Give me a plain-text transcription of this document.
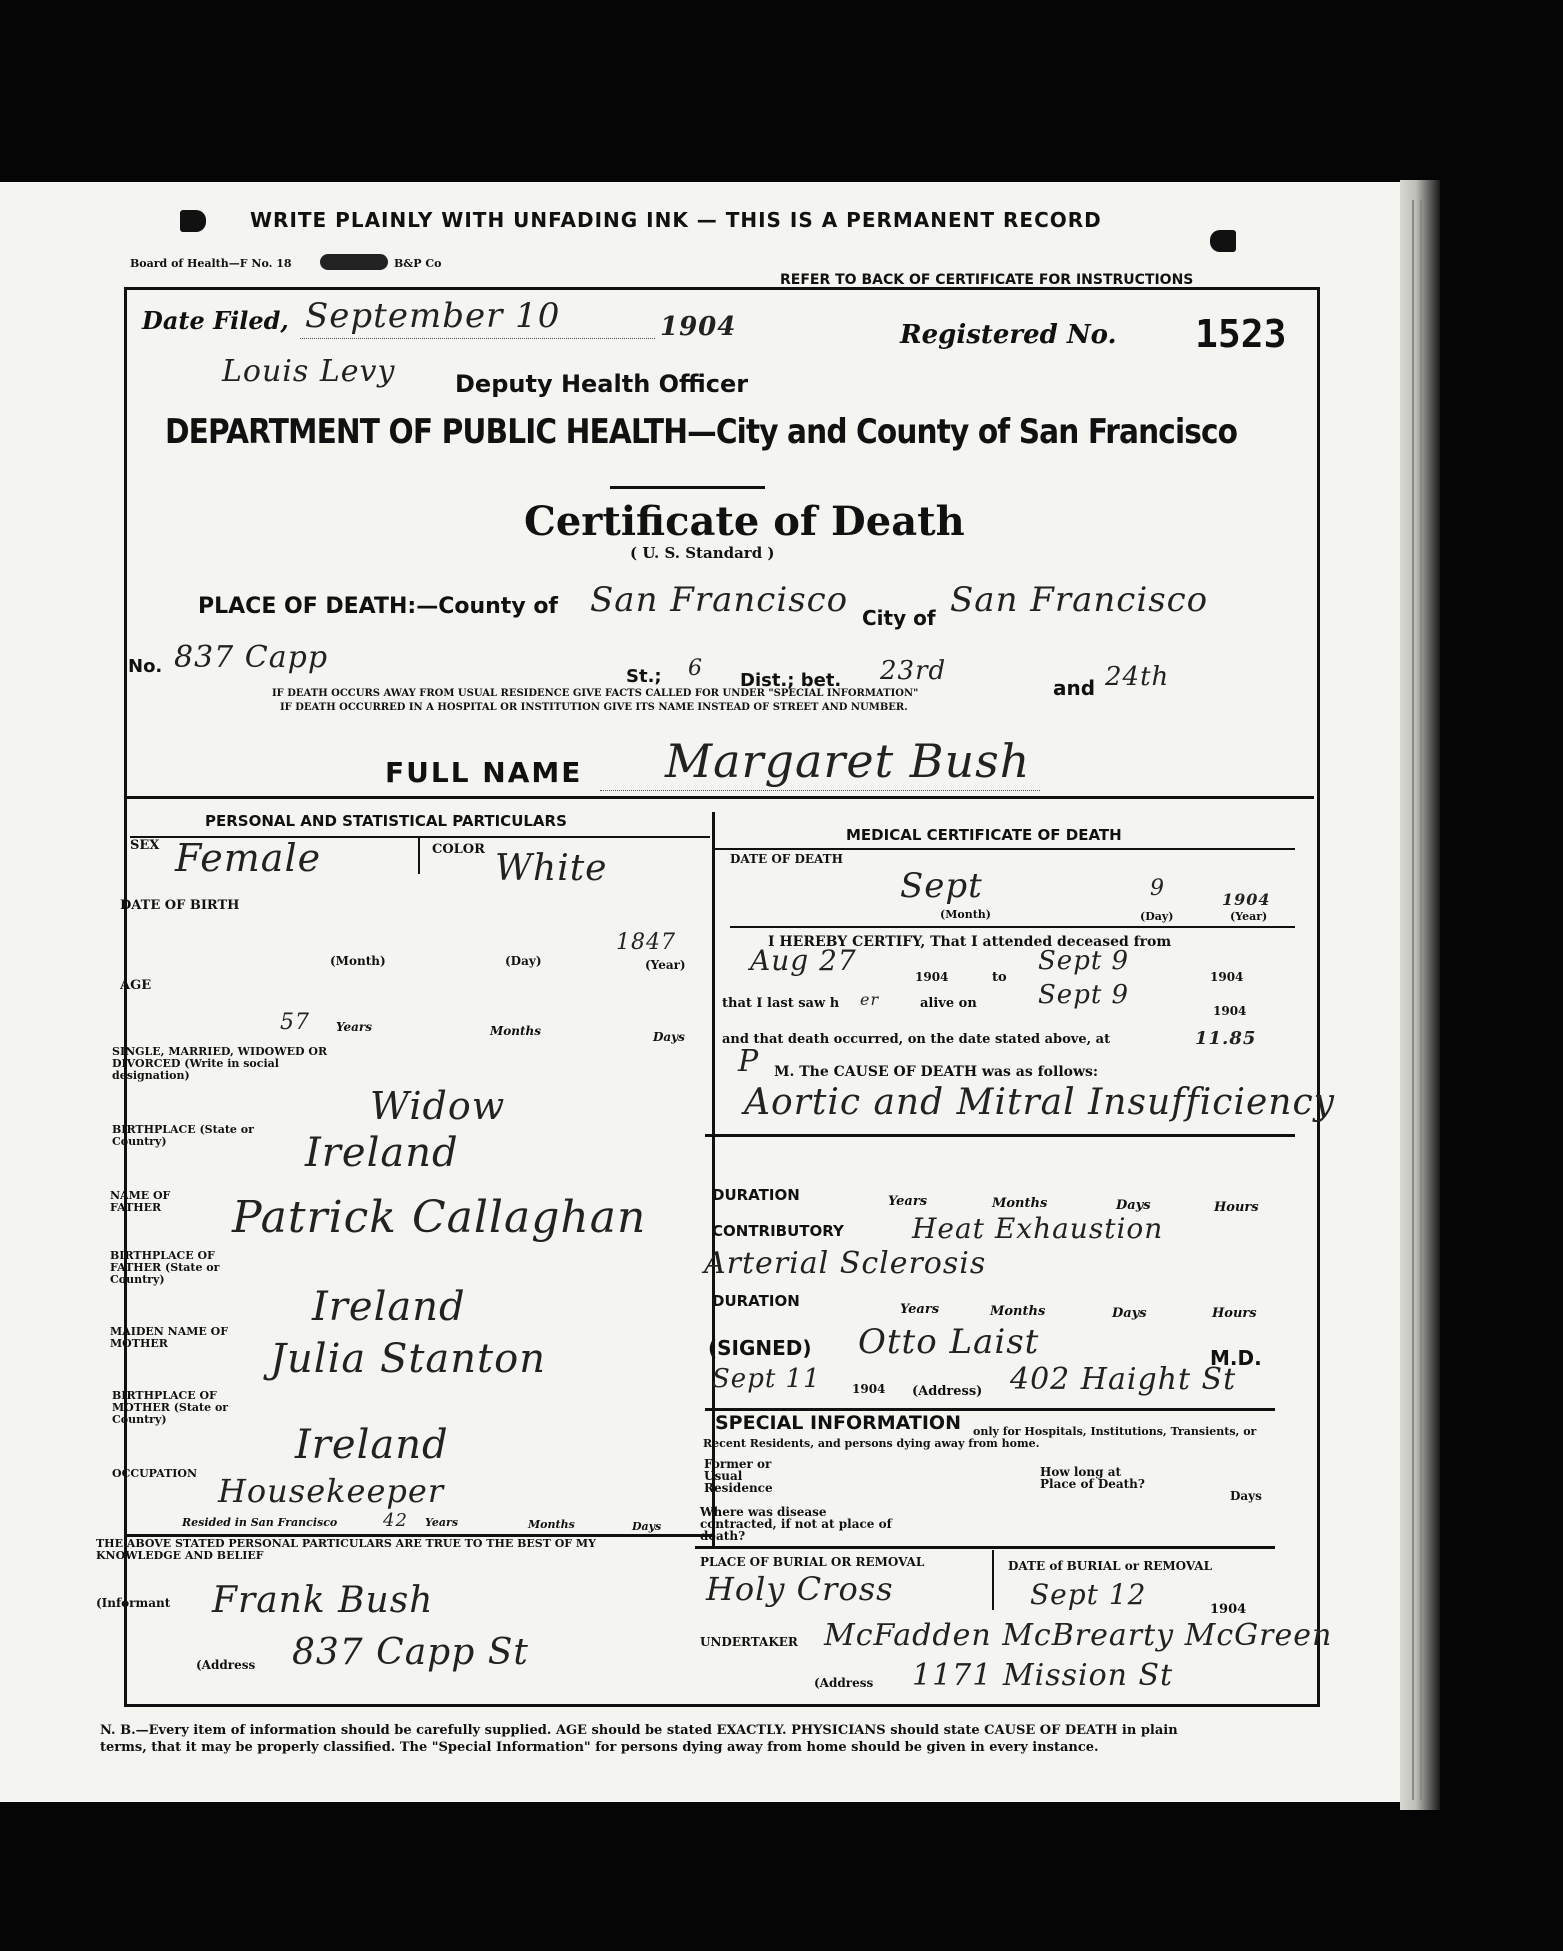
WRITE PLAINLY WITH UNFADING INK — THIS IS A PERMANENT RECORD
Board of Health—F No. 18	B&P Co
REFER TO BACK OF CERTIFICATE FOR INSTRUCTIONS
Date Filed, September 10	1904	Registered No. 1523
Louis Levy Deputy Health Officer
DEPARTMENT OF PUBLIC HEALTH—City and County of San Francisco
Certificate of Death
( U. S. Standard )
PLACE OF DEATH:—County of San Francisco City of San Francisco
No. 837 Capp
St.; 6 Dist.; bet. 23rd
and 24th
IF DEATH OCCURS AWAY FROM USUAL RESIDENCE GIVE FACTS CALLED FOR UNDER "SPECIAL INFORMATION"
IF DEATH OCCURRED IN A HOSPITAL OR INSTITUTION GIVE ITS NAME INSTEAD OF STREET AND NUMBER.
FULL NAME Margaret Bush
PERSONAL AND STATISTICAL PARTICULARS
SEX Female	COLOR White
DATE OF BIRTH
(Month)	(Day)
1847
(Year)
AGE
57 Years	Months	Days
SINGLE, MARRIED, WIDOWED OR DIVORCED (Write in social designation)
Widow
BIRTHPLACE (State or Country)	Ireland
NAME OF FATHER	Patrick Callaghan
BIRTHPLACE OF FATHER (State or Country)
Ireland
MAIDEN NAME OF MOTHER	Julia Stanton
BIRTHPLACE OF MOTHER (State or Country)
Ireland
OCCUPATION Housekeeper
Resided in San Francisco	42 Years	Months	Days
THE ABOVE STATED PERSONAL PARTICULARS ARE TRUE TO THE BEST OF MY KNOWLEDGE AND BELIEF
(Informant Frank Bush
(Address 837 Capp St
MEDICAL CERTIFICATE OF DEATH
DATE OF DEATH
Sept	9	1904
(Month)	(Day)	(Year)
I HEREBY CERTIFY, That I attended deceased from
Aug 27	1904	to
Sept 9
1904
that I last saw h er	alive on Sept 9
1904
and that death occurred, on the date stated above, at	11.85
P M. The CAUSE OF DEATH was as follows:
Aortic and Mitral Insufficiency
DURATION	Years	Months	Days	Hours
CONTRIBUTORY Heat Exhaustion
Arterial Sclerosis
DURATION	Years	Months	Days	Hours
(SIGNED) Otto Laist	M.D.
Sept 11	1904 (Address) 402 Haight St
SPECIAL INFORMATION	only for Hospitals, Institutions, Transients, or Recent Residents, and persons dying away from home.
Former or Usual Residence
How long at Place of Death?
Days
Where was disease contracted, if not at place of death?
PLACE OF BURIAL OR REMOVAL
Holy Cross
DATE of BURIAL or REMOVAL
Sept 12	1904
UNDERTAKER McFadden McBrearty McGreen
(Address 1171 Mission St
N. B.—Every item of information should be carefully supplied. AGE should be stated EXACTLY. PHYSICIANS should state CAUSE OF DEATH in plain terms, that it may be properly classified. The "Special Information" for persons dying away from home should be given in every instance.
